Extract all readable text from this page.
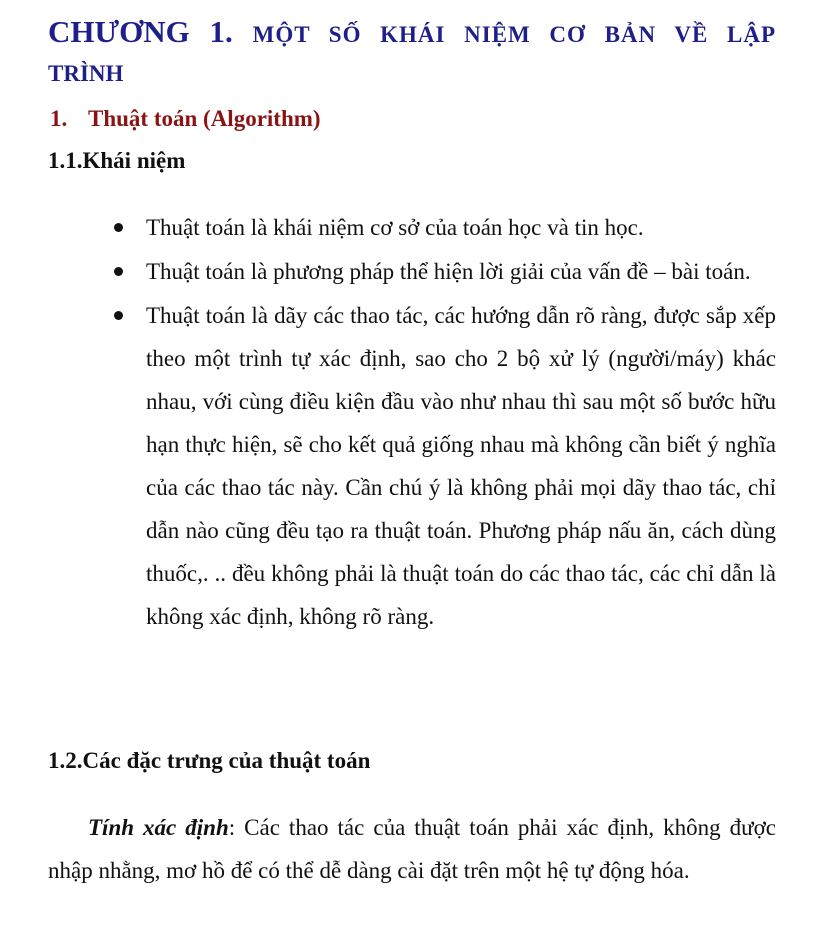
CHƯƠNG 1. MỘT SỐ KHÁI NIỆM CƠ BẢN VỀ LẬP
TRÌNH
1. Thuật toán (Algorithm)
1.1.Khái niệm
Thuật toán là khái niệm cơ sở của toán học và tin học.
Thuật toán là phương pháp thể hiện lời giải của vấn đề – bài toán.
Thuật toán là dãy các thao tác, các hướng dẫn rõ ràng, được sắp xếp theo một trình tự xác định, sao cho 2 bộ xử lý (người/máy) khác nhau, với cùng điều kiện đầu vào như nhau thì sau một số bước hữu hạn thực hiện, sẽ cho kết quả giống nhau mà không cần biết ý nghĩa của các thao tác này. Cần chú ý là không phải mọi dãy thao tác, chỉ dẫn nào cũng đều tạo ra thuật toán. Phương pháp nấu ăn, cách dùng thuốc,. .. đều không phải là thuật toán do các thao tác, các chỉ dẫn là không xác định, không rõ ràng.
1.2.Các đặc trưng của thuật toán

Tính xác định: Các thao tác của thuật toán phải xác định, không được nhập nhằng, mơ hồ để có thể dễ dàng cài đặt trên một hệ tự động hóa.
